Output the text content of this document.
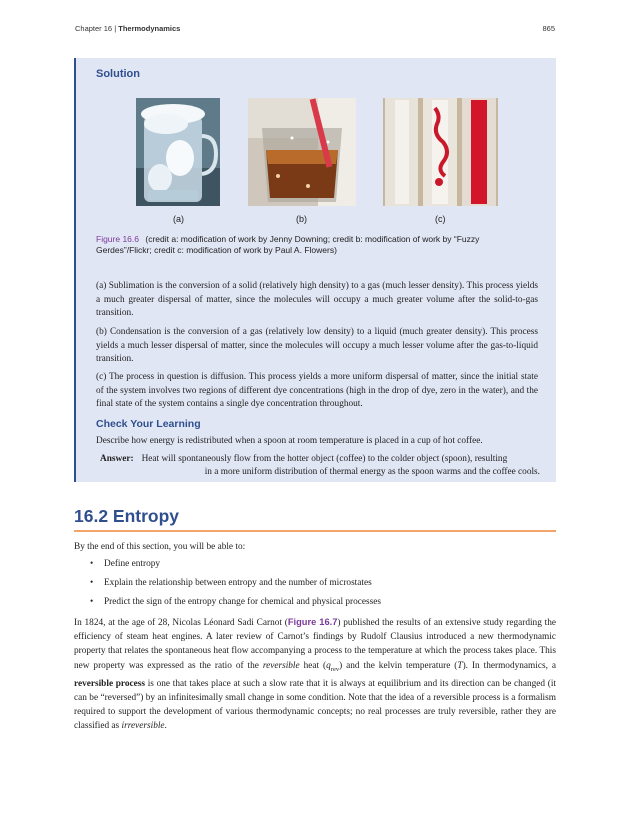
Chapter 16 | Thermodynamics	865
Solution
(a)	(b)	(c)
Figure 16.6 (credit a: modification of work by Jenny Downing; credit b: modification of work by “Fuzzy Gerdes”/Flickr; credit c: modification of work by Paul A. Flowers)
(a) Sublimation is the conversion of a solid (relatively high density) to a gas (much lesser density). This process yields a much greater dispersal of matter, since the molecules will occupy a much greater volume after the solid-to-gas transition.
(b) Condensation is the conversion of a gas (relatively low density) to a liquid (much greater density). This process yields a much lesser dispersal of matter, since the molecules will occupy a much lesser volume after the gas-to-liquid transition.
(c) The process in question is diffusion. This process yields a more uniform dispersal of matter, since the initial state of the system involves two regions of different dye concentrations (high in the drop of dye, zero in the water), and the final state of the system contains a single dye concentration throughout.
Check Your Learning
Describe how energy is redistributed when a spoon at room temperature is placed in a cup of hot coffee.
Answer: Heat will spontaneously flow from the hotter object (coffee) to the colder object (spoon), resulting
in a more uniform distribution of thermal energy as the spoon warms and the coffee cools.
16.2 Entropy
By the end of this section, you will be able to:
• Define entropy
• Explain the relationship between entropy and the number of microstates
• Predict the sign of the entropy change for chemical and physical processes
In 1824, at the age of 28, Nicolas Léonard Sadi Carnot (Figure 16.7) published the results of an extensive study regarding the efficiency of steam heat engines. A later review of Carnot’s findings by Rudolf Clausius introduced a new thermodynamic property that relates the spontaneous heat flow accompanying a process to the temperature at which the process takes place. This new property was expressed as the ratio of the reversible heat $(q_{rev})$ and the kelvin temperature (T). In thermodynamics, a reversible process is one that takes place at such a slow rate that it is always at equilibrium and its direction can be changed (it can be “reversed”) by an infinitesimally small change in some condition. Note that the idea of a reversible process is a formalism required to support the development of various thermodynamic concepts; no real processes are truly reversible, rather they are classified as irreversible.
